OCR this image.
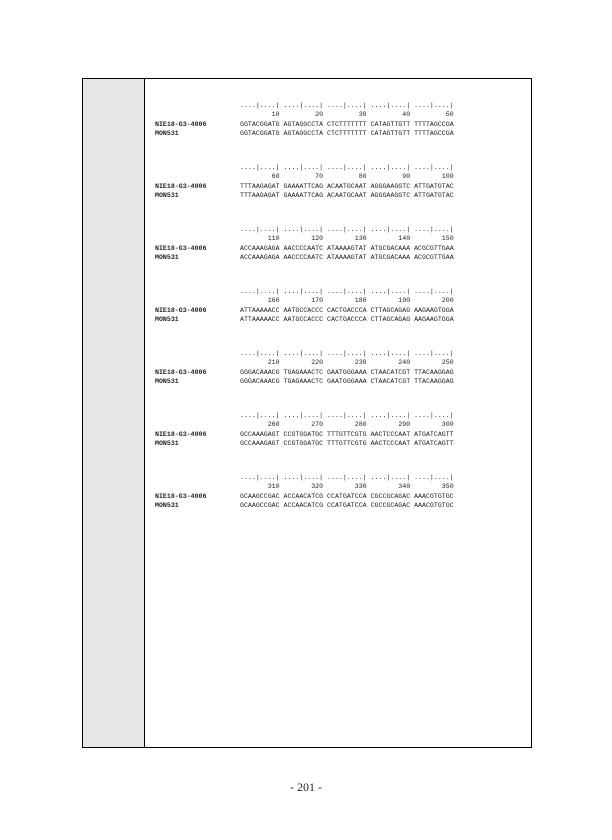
....|....| ....|....| ....|....| ....|....| ....|....|
10         20         30         40         50
NIE18-G3-4006	GGTACGGATG AGTAGGCCTA CTCTTTTTTT CATAGTTGTT TTTTAGCCGA
MON531	GGTACGGATG AGTAGGCCTA CTCTTTTTTT CATAGTTGTT TTTTAGCCGA
....|....| ....|....| ....|....| ....|....| ....|....|
60         70         80         90        100
NIE18-G3-4006	TTTAAGAGAT GAAAATTCAG ACAATGCAAT AGGGAAGGTC ATTGATGTAC
MON531	TTTAAGAGAT GAAAATTCAG ACAATGCAAT AGGGAAGGTC ATTGATGTAC
....|....| ....|....| ....|....| ....|....| ....|....|
110        120        130        140        150
NIE18-G3-4006	ACCAAAGAGA AACCCCAATC ATAAAAGTAT ATGCGACAAA ACGCGTTGAA
MON531	ACCAAAGAGA AACCCCAATC ATAAAAGTAT ATGCGACAAA ACGCGTTGAA
....|....| ....|....| ....|....| ....|....| ....|....|
160        170        180        190        200
NIE18-G3-4006	ATTAAAAACC AATGCCACCC CACTGACCCA CTTAGCAGAG AAGAAGTGGA
MON531	ATTAAAAACC AATGCCACCC CACTGACCCA CTTAGCAGAG AAGAAGTGGA
....|....| ....|....| ....|....| ....|....| ....|....|
210        220        230        240        250
NIE18-G3-4006	GGGACAAACG TGAGAAACTC GAATGGGAAA CTAACATCGT TTACAAGGAG
MON531	GGGACAAACG TGAGAAACTC GAATGGGAAA CTAACATCGT TTACAAGGAG
....|....| ....|....| ....|....| ....|....| ....|....|
260        270        280        290        300
NIE18-G3-4006	GCCAAAGAGT CCGTGGATGC TTTGTTCGTG AACTCCCAAT ATGATCAGTT
MON531	GCCAAAGAGT CCGTGGATGC TTTGTTCGTG AACTCCCAAT ATGATCAGTT
....|....| ....|....| ....|....| ....|....| ....|....|
310        320        330        340        350
NIE18-G3-4006	GCAAGCCGAC ACCAACATCG CCATGATCCA CGCCGCAGAC AAACGTGTGC
MON531	GCAAGCCGAC ACCAACATCG CCATGATCCA CGCCGCAGAC AAACGTGTGC
- 201 -
